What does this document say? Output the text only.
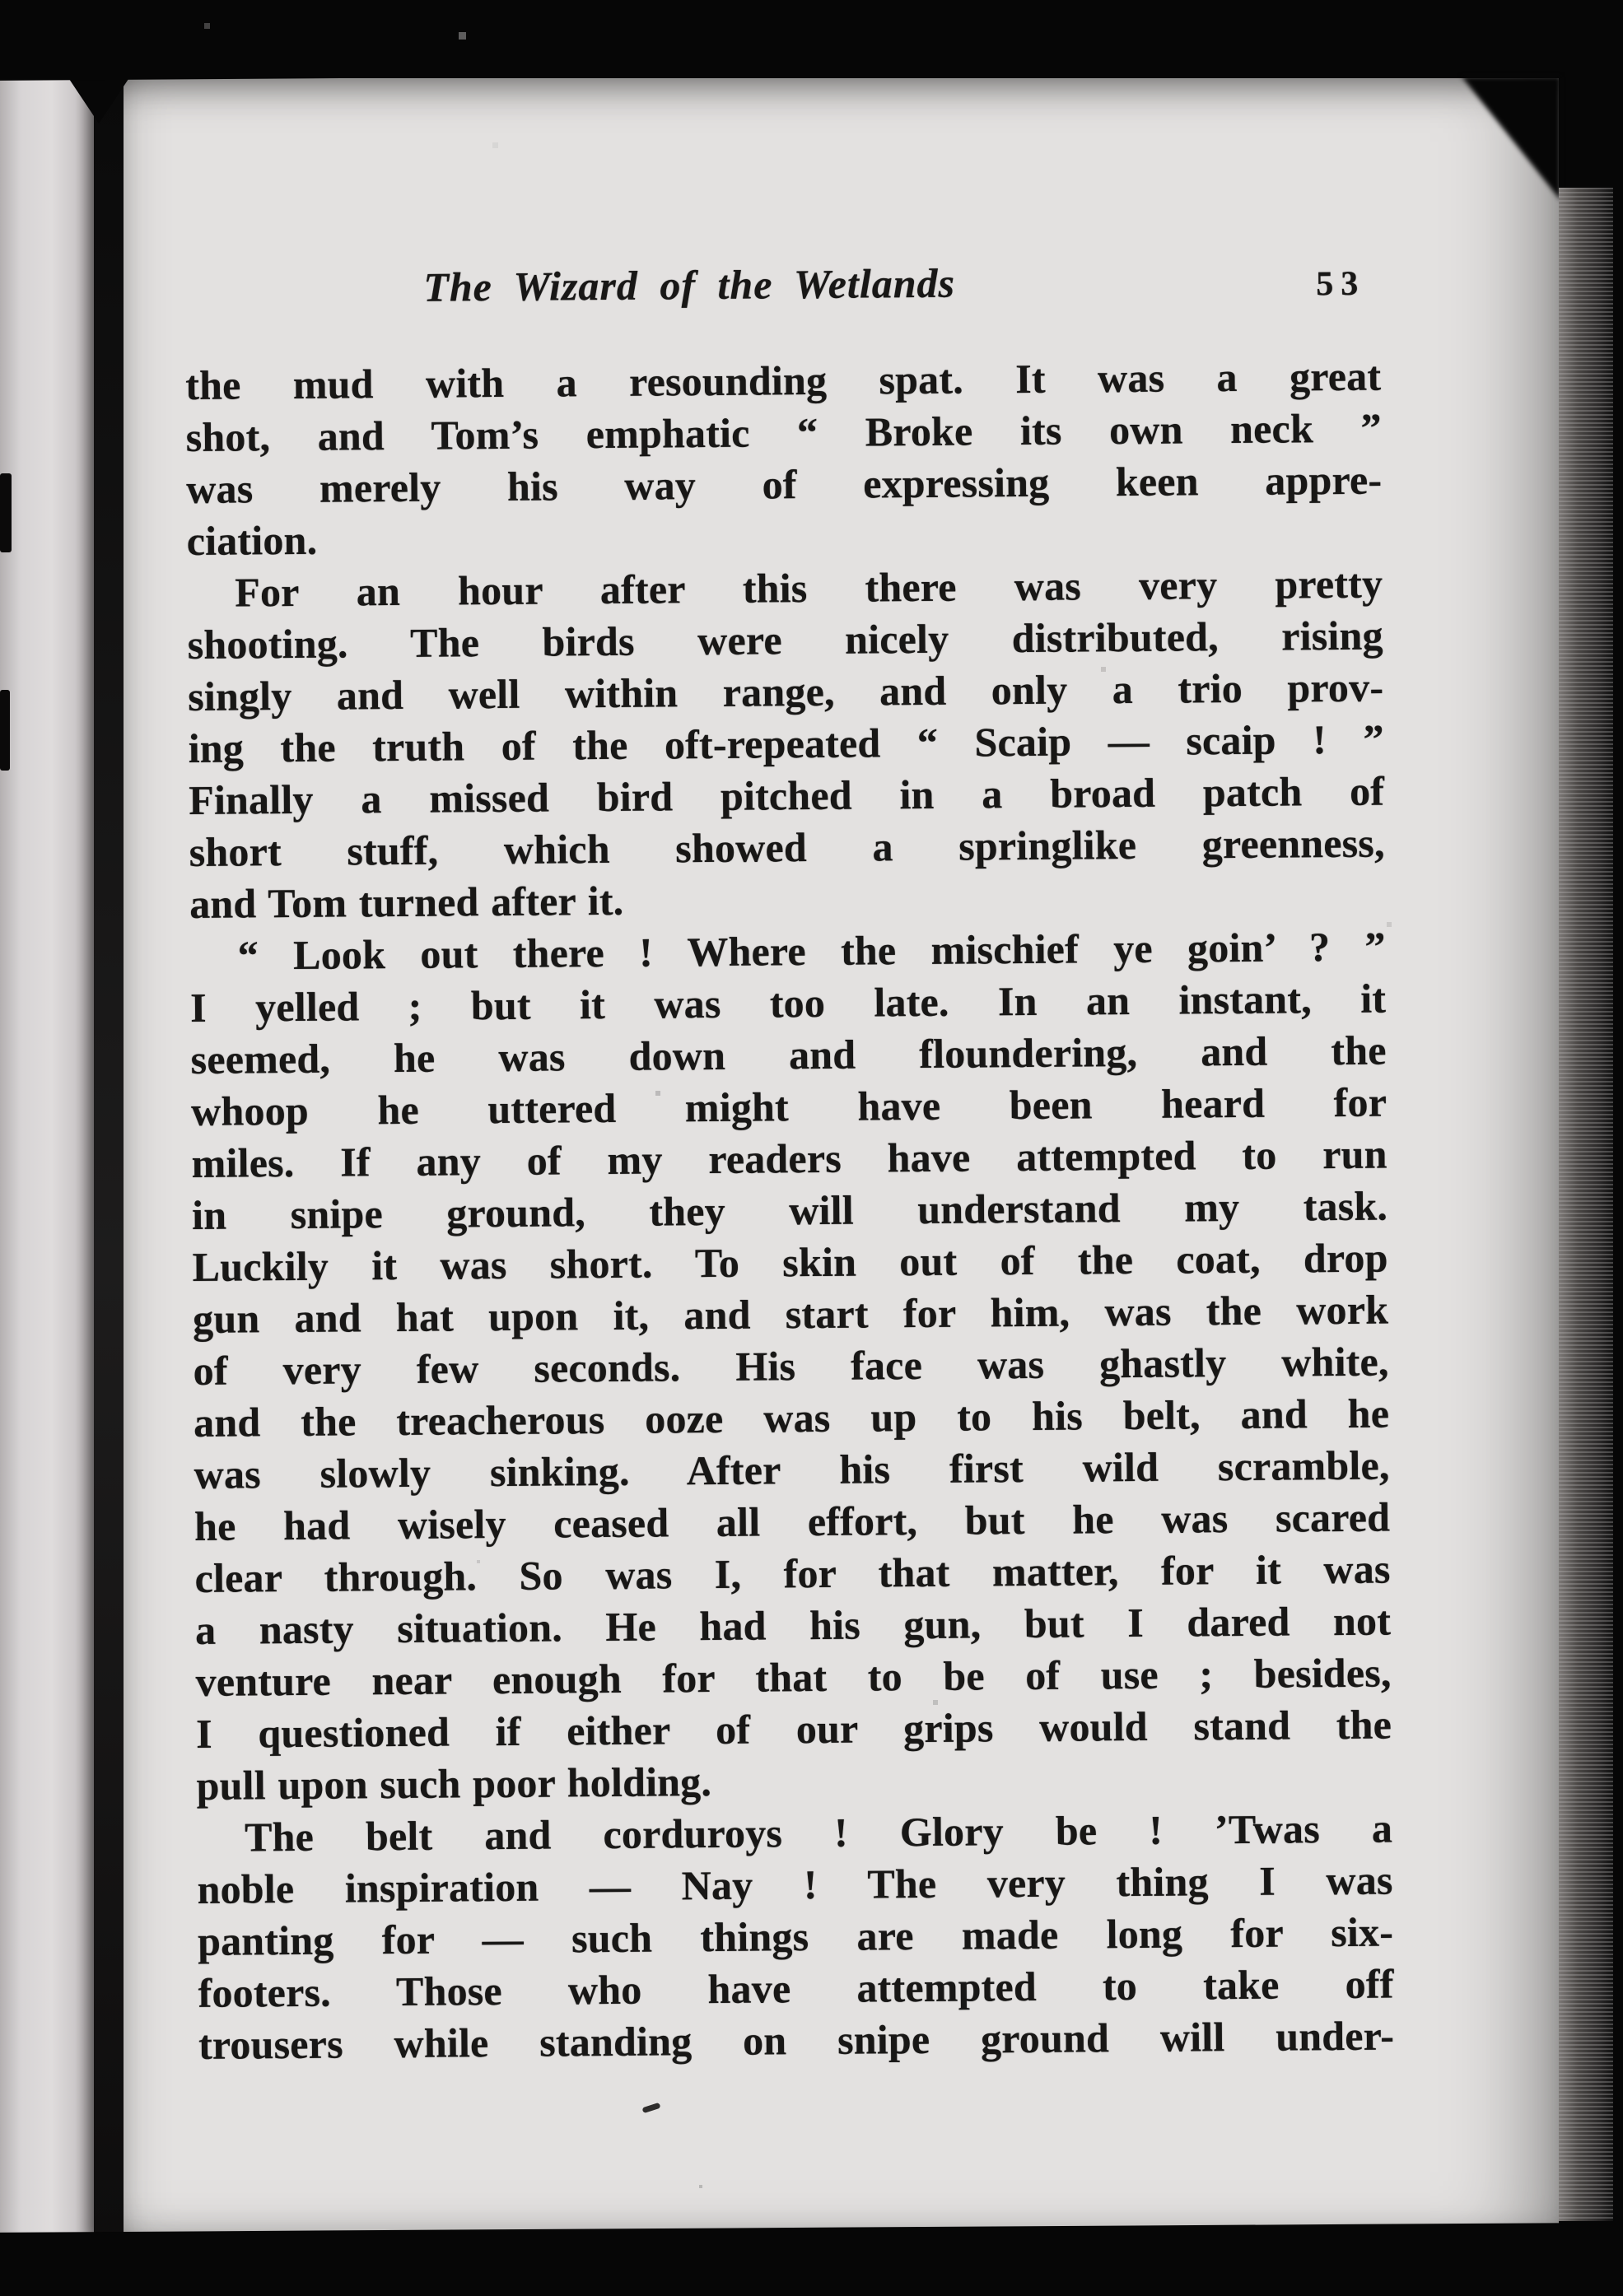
The Wizard of the Wetlands	53
the mud with a resounding spat. It was a great
shot, and Tom’s emphatic “ Broke its own neck ”
was merely his way of expressing keen appre-
ciation.
For an hour after this there was very pretty
shooting. The birds were nicely distributed, rising
singly and well within range, and only a trio prov-
ing the truth of the oft-repeated “ Scaip — scaip ! ”
Finally a missed bird pitched in a broad patch of
short stuff, which showed a springlike greenness,
and Tom turned after it.
“ Look out there ! Where the mischief ye goin’ ? ”
I yelled ; but it was too late. In an instant, it
seemed, he was down and floundering, and the
whoop he uttered might have been heard for
miles. If any of my readers have attempted to run
in snipe ground, they will understand my task.
Luckily it was short. To skin out of the coat, drop
gun and hat upon it, and start for him, was the work
of very few seconds. His face was ghastly white,
and the treacherous ooze was up to his belt, and he
was slowly sinking. After his first wild scramble,
he had wisely ceased all effort, but he was scared
clear through. So was I, for that matter, for it was
a nasty situation. He had his gun, but I dared not
venture near enough for that to be of use ; besides,
I questioned if either of our grips would stand the
pull upon such poor holding.
The belt and corduroys ! Glory be ! ’Twas a
noble inspiration — Nay ! The very thing I was
panting for — such things are made long for six-
footers. Those who have attempted to take off
trousers while standing on snipe ground will under-
